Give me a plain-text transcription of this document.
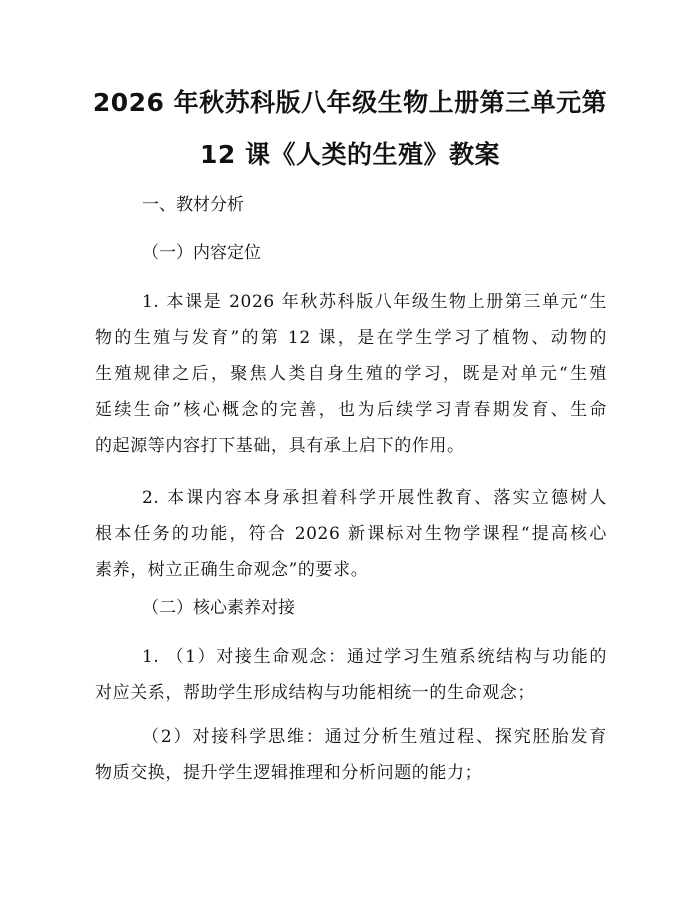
2026 年秋苏科版八年级生物上册第三单元第
12 课《人类的生殖》教案
一、教材分析
（一）内容定位
1. 本课是 2026 年秋苏科版八年级生物上册第三单元“生
物的生殖与发育”的第 12 课，是在学生学习了植物、动物的
生殖规律之后，聚焦人类自身生殖的学习，既是对单元“生殖
延续生命”核心概念的完善，也为后续学习青春期发育、生命
的起源等内容打下基础，具有承上启下的作用。
2. 本课内容本身承担着科学开展性教育、落实立德树人
根本任务的功能，符合 2026 新课标对生物学课程“提高核心
素养，树立正确生命观念”的要求。
（二）核心素养对接
1. （1）对接生命观念：通过学习生殖系统结构与功能的
对应关系，帮助学生形成结构与功能相统一的生命观念；
（2）对接科学思维：通过分析生殖过程、探究胚胎发育
物质交换，提升学生逻辑推理和分析问题的能力；
